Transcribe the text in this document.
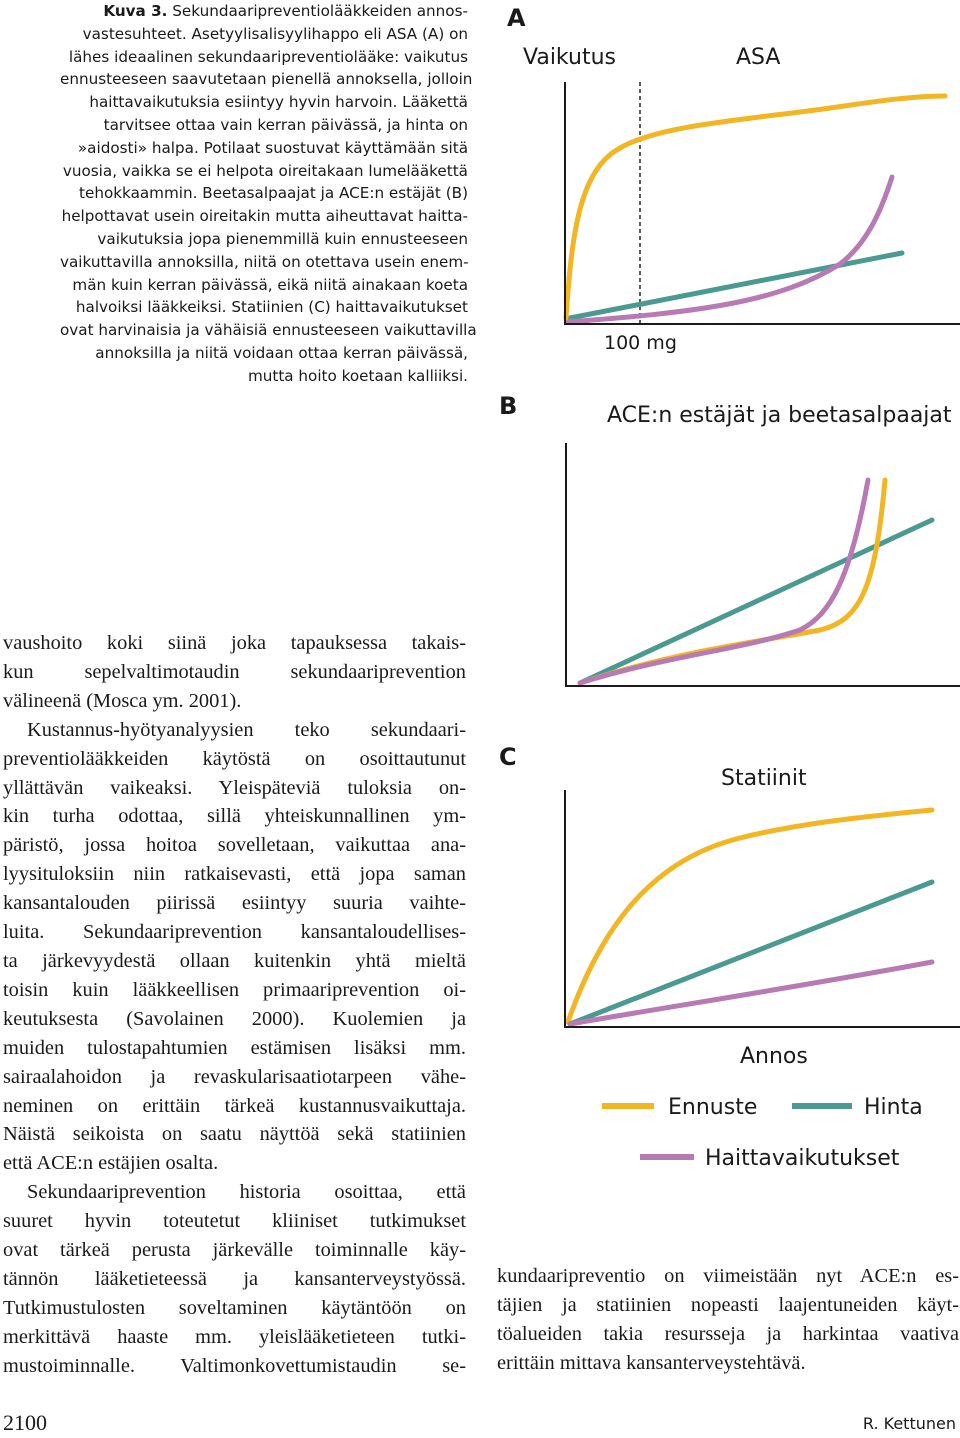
Kuva 3. Sekundaaripreventiolääkkeiden annos-
vastesuhteet. Asetyylisalisyylihappo eli ASA (A) on
lähes ideaalinen sekundaaripreventiolääke: vaikutus
ennusteeseen saavutetaan pienellä annoksella, jolloin
haittavaikutuksia esiintyy hyvin harvoin. Lääkettä
tarvitsee ottaa vain kerran päivässä, ja hinta on
»aidosti» halpa. Potilaat suostuvat käyttämään sitä
vuosia, vaikka se ei helpota oireitakaan lumelääkettä
tehokkaammin. Beetasalpaajat ja ACE:n estäjät (B)
helpottavat usein oireitakin mutta aiheuttavat haitta-
vaikutuksia jopa pienemmillä kuin ennusteeseen
vaikuttavilla annoksilla, niitä on otettava usein enem-
män kuin kerran päivässä, eikä niitä ainakaan koeta
halvoiksi lääkkeiksi. Statiinien (C) haittavaikutukset
ovat harvinaisia ja vähäisiä ennusteeseen vaikuttavilla
annoksilla ja niitä voidaan ottaa kerran päivässä,
mutta hoito koetaan kalliiksi.

vaushoito koki siinä joka tapauksessa takais-
kun sepelvaltimotaudin sekundaariprevention
välineenä (Mosca ym. 2001).

Kustannus-hyötyanalyysien teko sekundaari-
preventiolääkkeiden käytöstä on osoittautunut
yllättävän vaikeaksi. Yleispäteviä tuloksia on-
kin turha odottaa, sillä yhteiskunnallinen ym-
päristö, jossa hoitoa sovelletaan, vaikuttaa ana-
lyysituloksiin niin ratkaisevasti, että jopa saman
kansantalouden piirissä esiintyy suuria vaihte-
luita. Sekundaariprevention kansantaloudellises-
ta järkevyydestä ollaan kuitenkin yhtä mieltä
toisin kuin lääkkeellisen primaariprevention oi-
keutuksesta (Savolainen 2000). Kuolemien ja
muiden tulostapahtumien estämisen lisäksi mm.
sairaalahoidon ja revaskularisaatiotarpeen vähe-
neminen on erittäin tärkeä kustannusvaikuttaja.
Näistä seikoista on saatu näyttöä sekä statiinien
että ACE:n estäjien osalta.

Sekundaariprevention historia osoittaa, että
suuret hyvin toteutetut kliiniset tutkimukset
ovat tärkeä perusta järkevälle toiminnalle käy-
tännön lääketieteessä ja kansanterveystyössä.
Tutkimustulosten soveltaminen käytäntöön on
merkittävä haaste mm. yleislääketieteen tutki-
mustoiminnalle. Valtimonkovettumistaudin se-

kundaaripreventio on viimeistään nyt ACE:n es-
täjien ja statiinien nopeasti laajentuneiden käyt-
töalueiden takia resursseja ja harkintaa vaativa
erittäin mittava kansanterveystehtävä.
2100	R. Kettunen
A
Vaikutus	ASA
100 mg
B	ACE:n estäjät ja beetasalpaajat
C
Statiinit
Annos
Ennuste	Hinta
Haittavaikutukset
